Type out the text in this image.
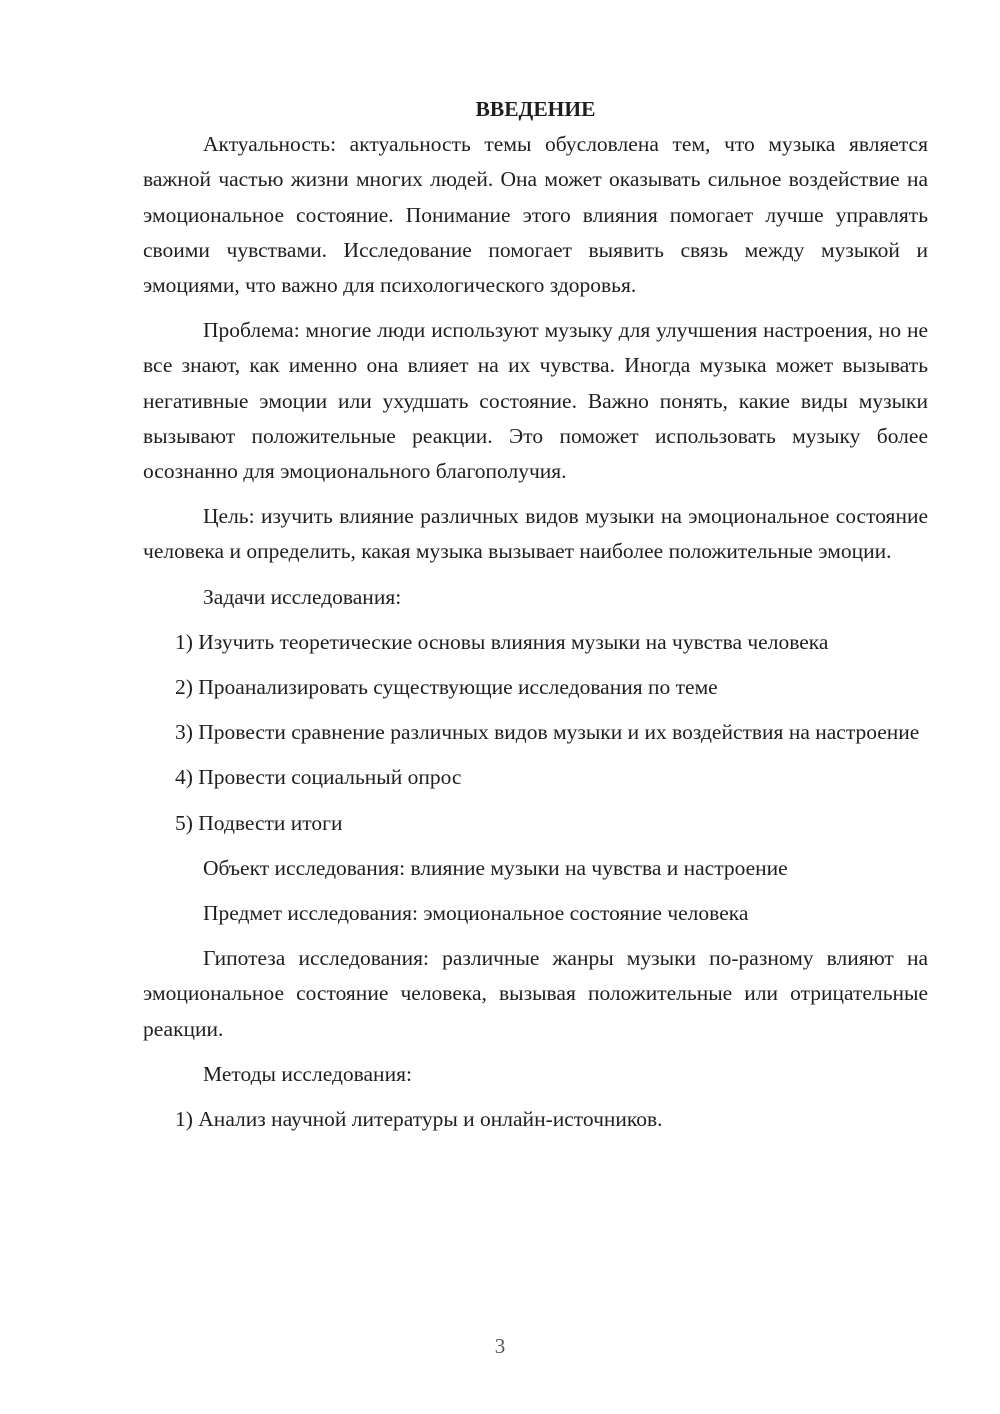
ВВЕДЕНИЕ

Актуальность: актуальность темы обусловлена тем, что музыка является важной частью жизни многих людей. Она может оказывать сильное воздействие на эмоциональное состояние. Понимание этого влияния помогает лучше управлять своими чувствами. Исследование помогает выявить связь между музыкой и эмоциями, что важно для психологического здоровья.

Проблема: многие люди используют музыку для улучшения настроения, но не все знают, как именно она влияет на их чувства. Иногда музыка может вызывать негативные эмоции или ухудшать состояние. Важно понять, какие виды музыки вызывают положительные реакции. Это поможет использовать музыку более осознанно для эмоционального благополучия.

Цель: изучить влияние различных видов музыки на эмоциональное состояние человека и определить, какая музыка вызывает наиболее положительные эмоции.

Задачи исследования:

1) Изучить теоретические основы влияния музыки на чувства человека

2) Проанализировать существующие исследования по теме

3) Провести сравнение различных видов музыки и их воздействия на настроение

4) Провести социальный опрос

5) Подвести итоги

Объект исследования: влияние музыки на чувства и настроение

Предмет исследования: эмоциональное состояние человека

Гипотеза исследования: различные жанры музыки по-разному влияют на эмоциональное состояние человека, вызывая положительные или отрицательные реакции.

Методы исследования:

1) Анализ научной литературы и онлайн-источников.

3
